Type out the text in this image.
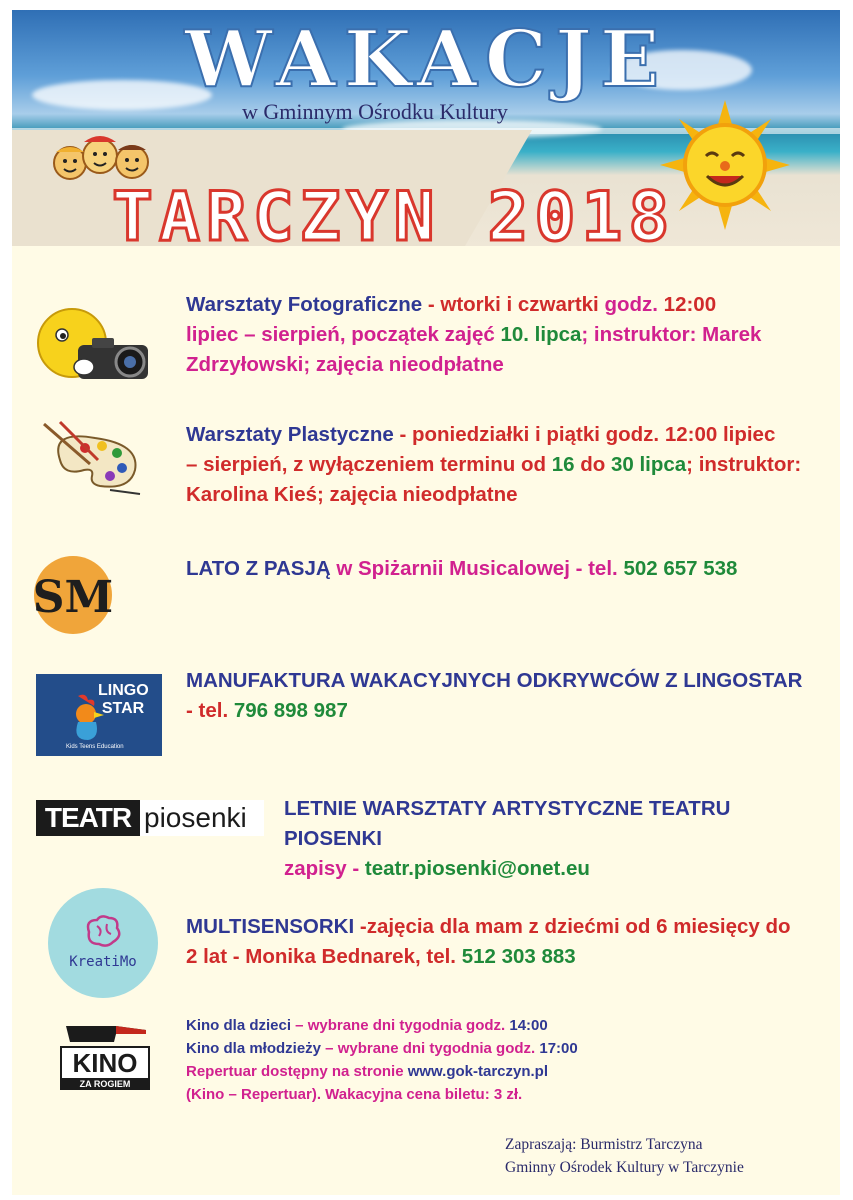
WAKACJE
w Gminnym Ośrodku Kultury
TARCZYN 2018
Warsztaty Fotograficzne - wtorki i czwartki godz. 12:00
lipiec – sierpień, początek zajęć 10. lipca; instruktor: Marek
Zdrzyłowski; zajęcia nieodpłatne
Warsztaty Plastyczne - poniedziałki i piątki godz. 12:00 lipiec
– sierpień, z wyłączeniem terminu od 16 do 30 lipca; instruktor:
Karolina Kieś; zajęcia nieodpłatne
SM
LATO Z PASJĄ w Spiżarnii Musicalowej - tel. 502 657 538
LINGO
STAR
Kids Teens Education
MANUFAKTURA WAKACYJNYCH ODKRYWCÓW Z LINGOSTAR
- tel. 796 898 987
TEATR piosenki LETNIE WARSZTATY ARTYSTYCZNE TEATRU PIOSENKI
zapisy - teatr.piosenki@onet.eu
KreatiMo
MULTISENSORKI -zajęcia dla mam z dziećmi od 6 miesięcy do
2 lat - Monika Bednarek, tel. 512 303 883
KINO
ZA ROGIEM
Kino dla dzieci – wybrane dni tygodnia godz. 14:00
Kino dla młodzieży – wybrane dni tygodnia godz. 17:00
Repertuar dostępny na stronie www.gok-tarczyn.pl
(Kino – Repertuar). Wakacyjna cena biletu: 3 zł.
Zapraszają: Burmistrz Tarczyna
Gminny Ośrodek Kultury w Tarczynie
